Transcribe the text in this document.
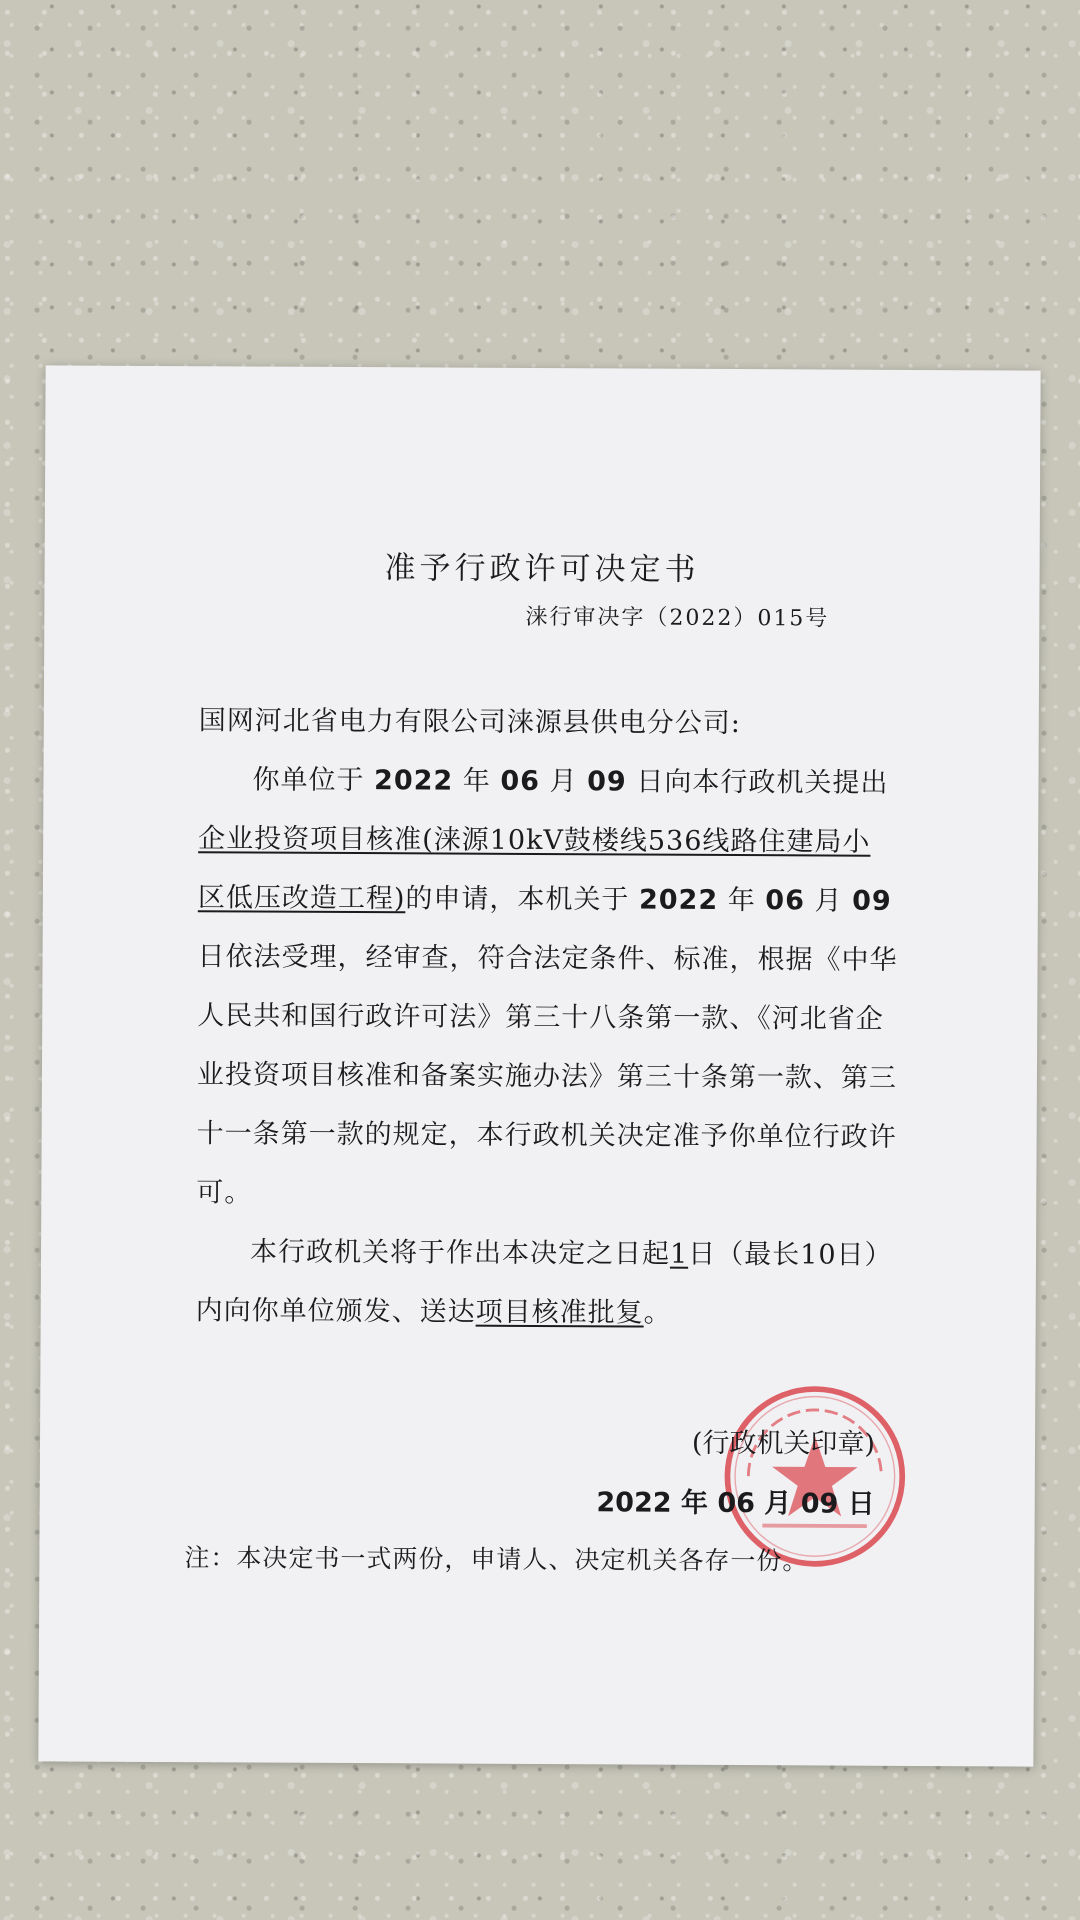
准予行政许可决定书
涞行审决字（2022）015号

国网河北省电力有限公司涞源县供电分公司:

你单位于 2022 年 06 月 09 日向本行政机关提出企业投资项目核准(涞源10kV鼓楼线536线路住建局小区低压改造工程)的申请，本机关于 2022 年 06 月 09 日依法受理，经审查，符合法定条件、标准，根据《中华人民共和国行政许可法》第三十八条第一款、《河北省企业投资项目核准和备案实施办法》第三十条第一款、第三十一条第一款的规定，本行政机关决定准予你单位行政许可。

本行政机关将于作出本决定之日起1日（最长10日）内向你单位颁发、送达项目核准批复。

(行政机关印章)
2022 年 06 月 09 日
注：本决定书一式两份，申请人、决定机关各存一份。
